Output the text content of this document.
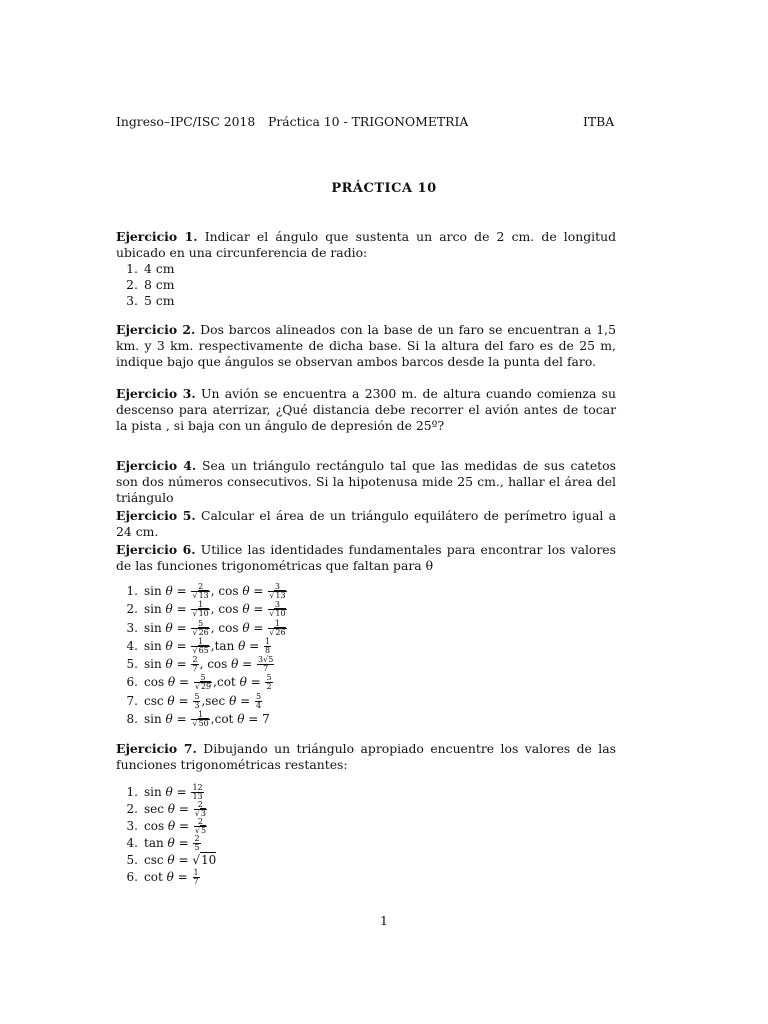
Ingreso–IPC/ISC 2018 Práctica 10 - TRIGONOMETRIA	ITBA
PRÁCTICA 10
Ejercicio 1. Indicar el ángulo que sustenta un arco de 2 cm. de longitud ubicado en una circunferencia de radio:
1. 4 cm
2. 8 cm
3. 5 cm
Ejercicio 2. Dos barcos alineados con la base de un faro se encuentran a 1,5 km. y 3 km. respectivamente de dicha base. Si la altura del faro es de 25 m, indique bajo que ángulos se observan ambos barcos desde la punta del faro.
Ejercicio 3. Un avión se encuentra a 2300 m. de altura cuando comienza su descenso para aterrizar, ¿Qué distancia debe recorrer el avión antes de tocar la pista , si baja con un ángulo de depresión de 25º?
Ejercicio 4. Sea un triángulo rectángulo tal que las medidas de sus catetos son dos números consecutivos. Si la hipotenusa mide 25 cm., hallar el área del triángulo
Ejercicio 5. Calcular el área de un triángulo equilátero de perímetro igual a 24 cm.
Ejercicio 6. Utilice las identidades fundamentales para encontrar los valores de las funciones trigonométricas que faltan para θ
1. $\sin \theta = \frac{2}{√13}$ , $\cos \theta = \frac{3}{√13}$
2. $\sin \theta = \frac{1}{√10}$ , $\cos \theta = \frac{3}{√10}$
3. $\sin \theta = \frac{5}{√26}$ , $\cos \theta = \frac{1}{√26}$
4. $\sin \theta = \frac{1}{√65} ,\tan$ $\theta = \frac{1}{8}$
5. $\sin \theta = \frac{2}{7}$ , $\cos \theta = \frac{3√5}{7}$
6. $\cos \theta = \frac{5}{√29} ,\cot$ $\theta = \frac{5}{2}$
7. $\csc \theta = \frac{5}{3} ,\sec$ $\theta = \frac{5}{4}$
8. $\sin \theta = \frac{1}{√50} ,\cot$ θ = 7
Ejercicio 7. Dibujando un triángulo apropiado encuentre los valores de las funciones trigonométricas restantes:
1. $\sin \theta = \frac{12}{13}$
2. $\sec \theta = \frac{2}{√3}$
3. $\cos \theta = \frac{2}{√5}$
4. $\tan \theta = \frac{2}{5}$
5. csc θ = √10
6. $\cot \theta = \frac{1}{7}$
1
